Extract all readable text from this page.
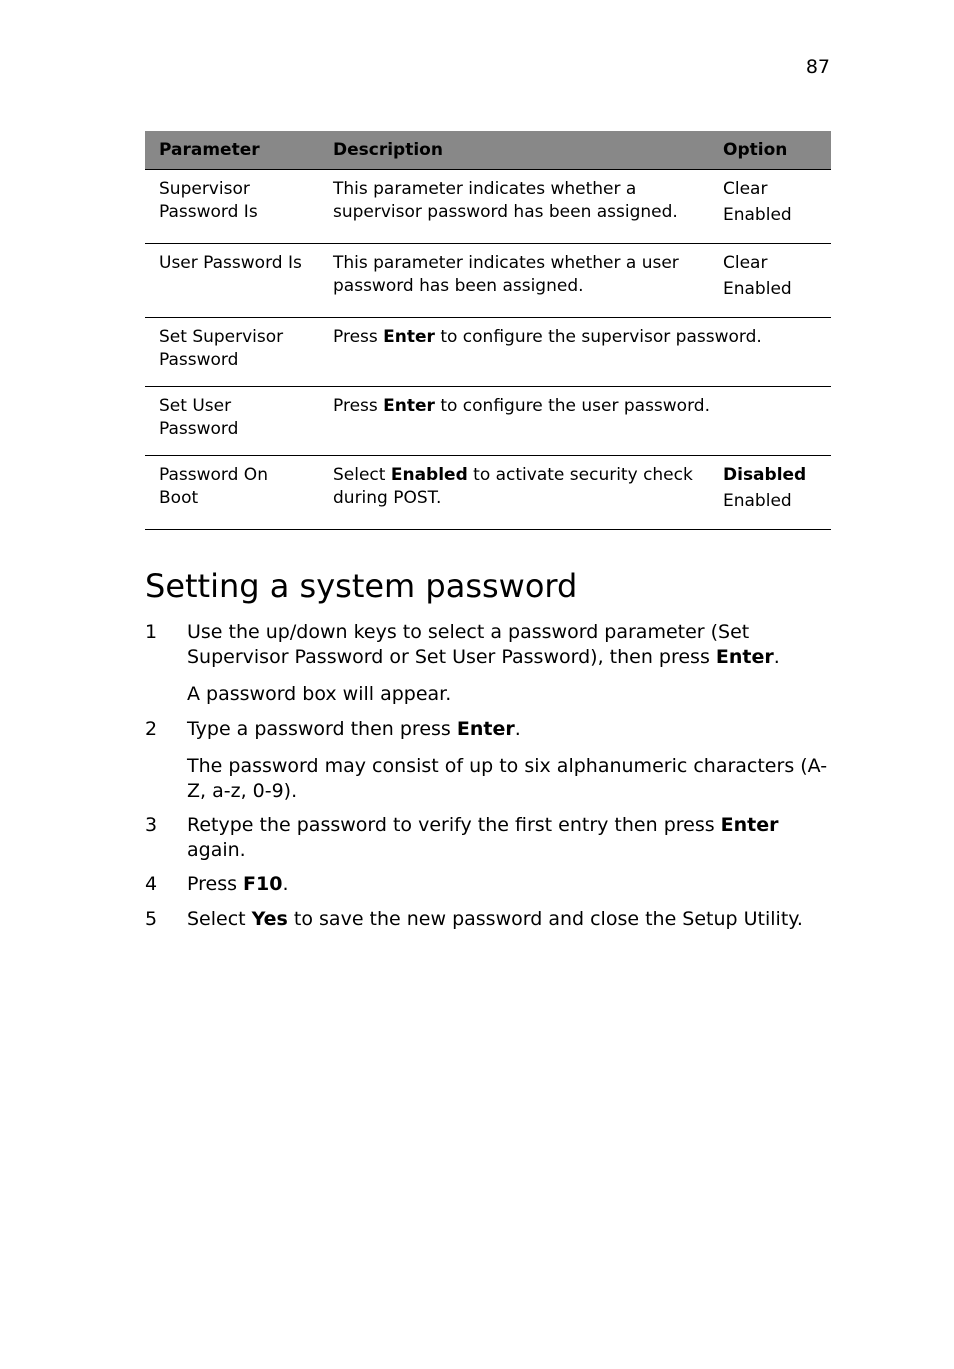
87
Parameter	Description	Option
Supervisor Password Is	This parameter indicates whether a supervisor password has been assigned.	Clear
Enabled

User Password Is	This parameter indicates whether a user password has been assigned.	Clear
Enabled

Set Supervisor Password	Press Enter to configure the supervisor password.	
Set User Password	Press Enter to configure the user password.	
Password On Boot	Select Enabled to activate security check during POST.	Disabled
Enabled
Setting a system password
1 Use the up/down keys to select a password parameter (Set Supervisor Password or Set User Password), then press Enter.
A password box will appear.
2 Type a password then press Enter.
The password may consist of up to six alphanumeric characters (A-Z, a-z, 0-9).
3 Retype the password to verify the first entry then press Enter again.
4 Press F10.
5 Select Yes to save the new password and close the Setup Utility.
